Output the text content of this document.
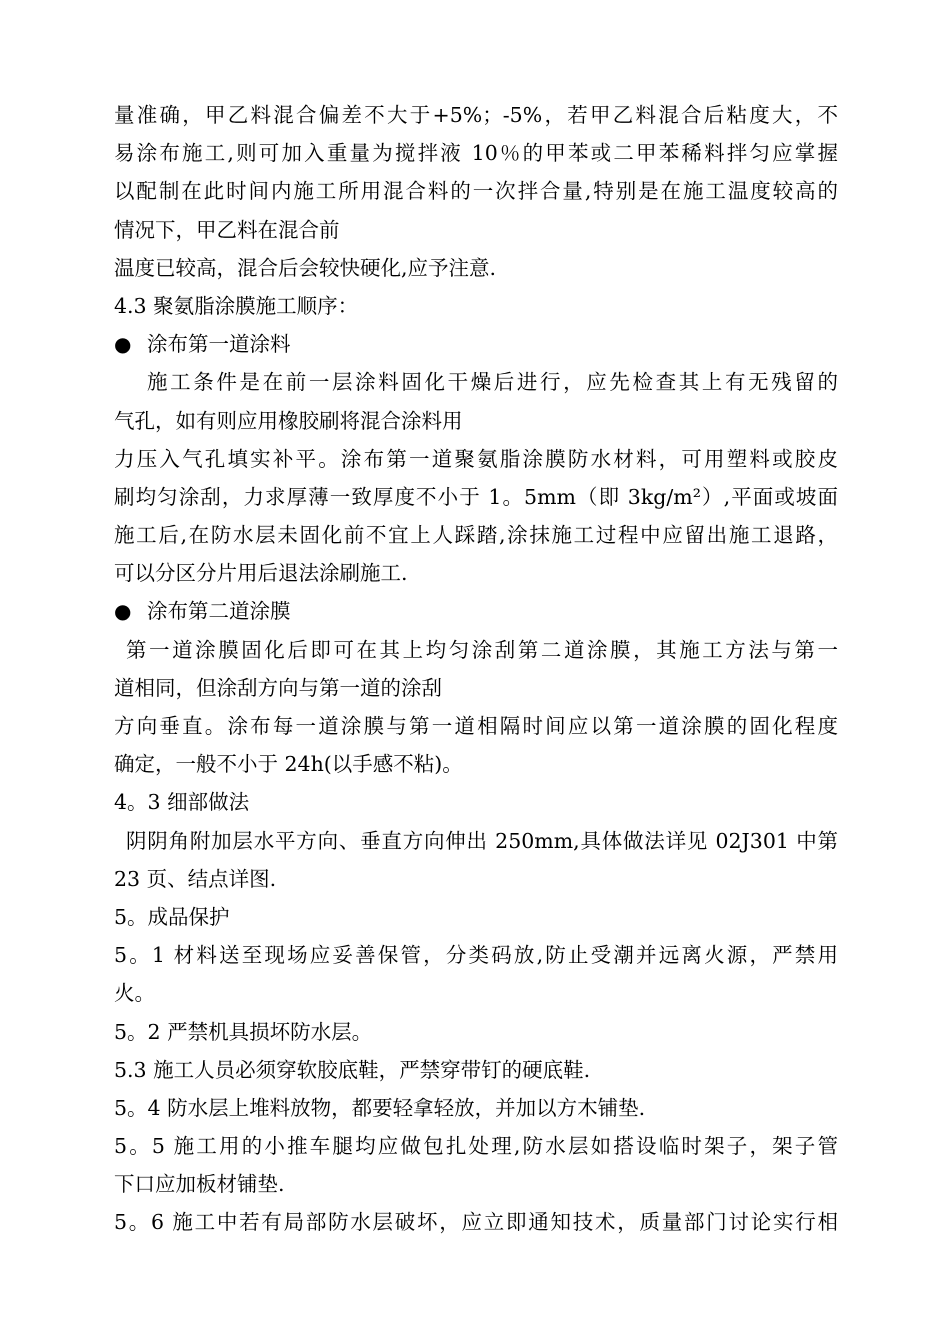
量准确，甲乙料混合偏差不大于+5%；-5%，若甲乙料混合后粘度大，不
易涂布施工,则可加入重量为搅拌液 10％的甲苯或二甲苯稀料拌匀应掌握
以配制在此时间内施工所用混合料的一次拌合量,特别是在施工温度较高的
情况下，甲乙料在混合前
温度已较高，混合后会较快硬化,应予注意.
4.3 聚氨脂涂膜施工顺序：
● 涂布第一道涂料
施工条件是在前一层涂料固化干燥后进行，应先检查其上有无残留的
气孔，如有则应用橡胶刷将混合涂料用
力压入气孔填实补平。涂布第一道聚氨脂涂膜防水材料，可用塑料或胶皮
刷均匀涂刮，力求厚薄一致厚度不小于 1。5mm（即 3kg/m²）,平面或坡面
施工后,在防水层未固化前不宜上人踩踏,涂抹施工过程中应留出施工退路，
可以分区分片用后退法涂刷施工.
● 涂布第二道涂膜
第一道涂膜固化后即可在其上均匀涂刮第二道涂膜，其施工方法与第一
道相同，但涂刮方向与第一道的涂刮
方向垂直。涂布每一道涂膜与第一道相隔时间应以第一道涂膜的固化程度
确定，一般不小于 24h(以手感不粘)。
4。3 细部做法
阴阴角附加层水平方向、垂直方向伸出 250mm,具体做法详见 02J301 中第
23 页、结点详图.
5。成品保护
5。1 材料送至现场应妥善保管，分类码放,防止受潮并远离火源，严禁用
火。
5。2 严禁机具损坏防水层。
5.3 施工人员必须穿软胶底鞋，严禁穿带钉的硬底鞋.
5。4 防水层上堆料放物，都要轻拿轻放，并加以方木铺垫.
5。5 施工用的小推车腿均应做包扎处理,防水层如搭设临时架子，架子管
下口应加板材铺垫.
5。6 施工中若有局部防水层破坏，应立即通知技术，质量部门讨论实行相
